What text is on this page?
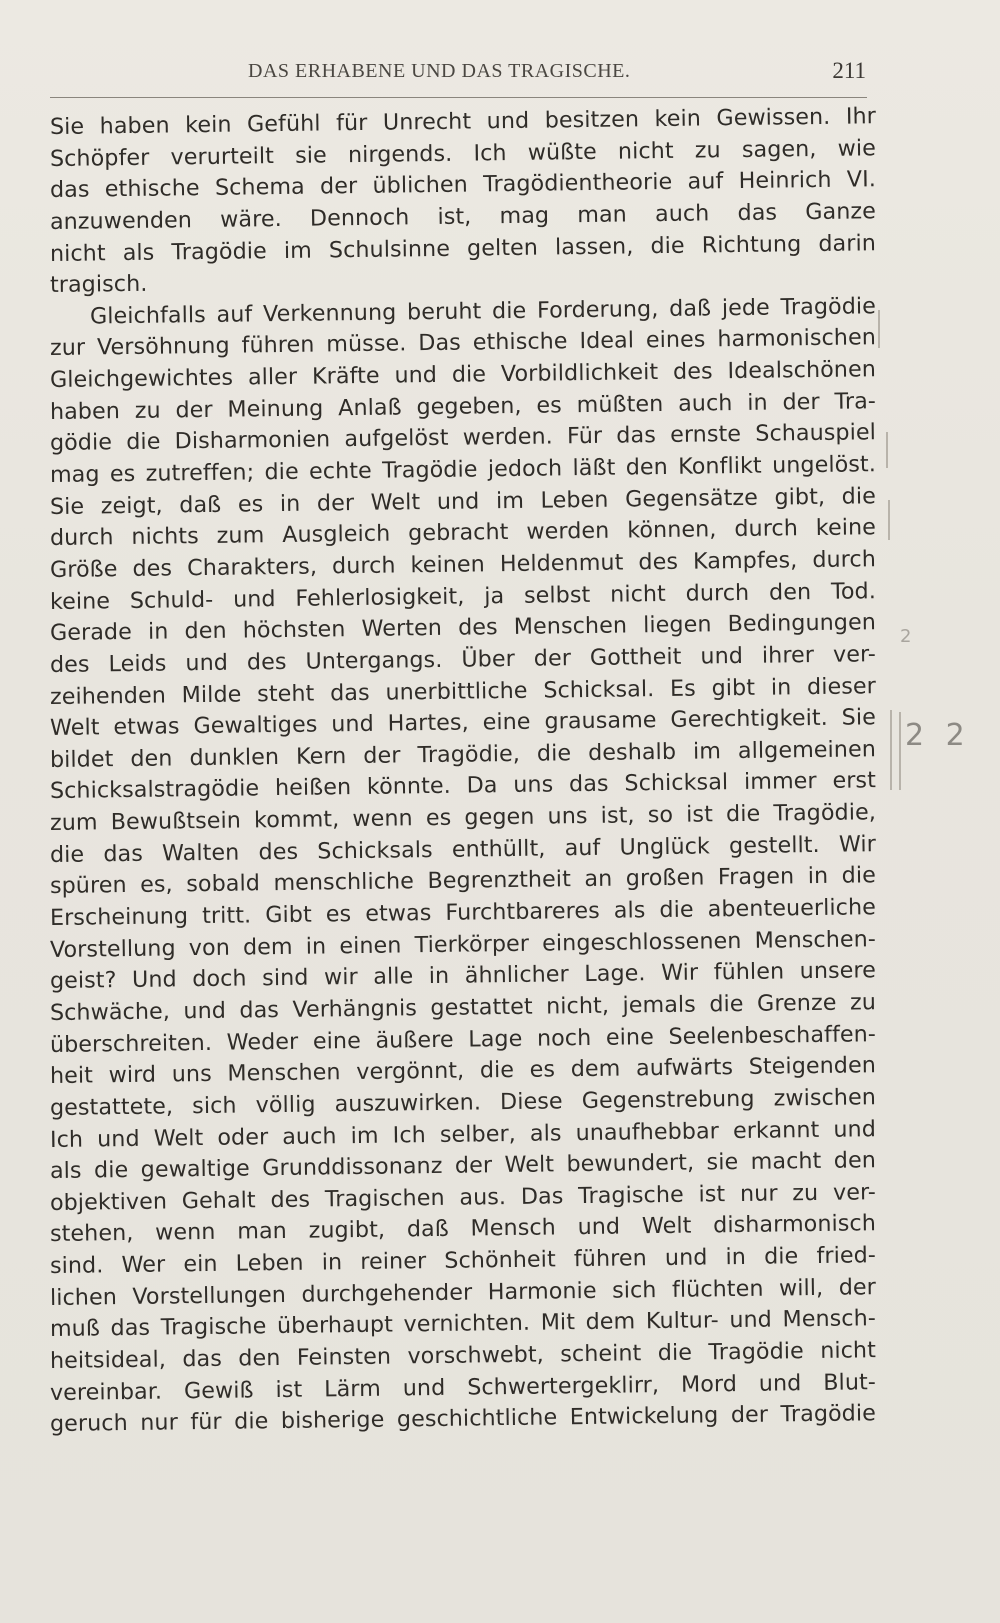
DAS ERHABENE UND DAS TRAGISCHE.	211
Sie haben kein Gefühl für Unrecht und besitzen kein Gewissen. Ihr
Schöpfer verurteilt sie nirgends. Ich wüßte nicht zu sagen, wie
das ethische Schema der üblichen Tragödientheorie auf Heinrich VI.
anzuwenden wäre. Dennoch ist, mag man auch das Ganze
nicht als Tragödie im Schulsinne gelten lassen, die Richtung darin
tragisch.
Gleichfalls auf Verkennung beruht die Forderung, daß jede Tragödie
zur Versöhnung führen müsse. Das ethische Ideal eines harmonischen
Gleichgewichtes aller Kräfte und die Vorbildlichkeit des Idealschönen
haben zu der Meinung Anlaß gegeben, es müßten auch in der Tra-
gödie die Disharmonien aufgelöst werden. Für das ernste Schauspiel
mag es zutreffen; die echte Tragödie jedoch läßt den Konflikt ungelöst.
Sie zeigt, daß es in der Welt und im Leben Gegensätze gibt, die
durch nichts zum Ausgleich gebracht werden können, durch keine
Größe des Charakters, durch keinen Heldenmut des Kampfes, durch
keine Schuld- und Fehlerlosigkeit, ja selbst nicht durch den Tod.
Gerade in den höchsten Werten des Menschen liegen Bedingungen
des Leids und des Untergangs. Über der Gottheit und ihrer ver-
zeihenden Milde steht das unerbittliche Schicksal. Es gibt in dieser
Welt etwas Gewaltiges und Hartes, eine grausame Gerechtigkeit. Sie
bildet den dunklen Kern der Tragödie, die deshalb im allgemeinen
Schicksalstragödie heißen könnte. Da uns das Schicksal immer erst
zum Bewußtsein kommt, wenn es gegen uns ist, so ist die Tragödie,
die das Walten des Schicksals enthüllt, auf Unglück gestellt. Wir
spüren es, sobald menschliche Begrenztheit an großen Fragen in die
Erscheinung tritt. Gibt es etwas Furchtbareres als die abenteuerliche
Vorstellung von dem in einen Tierkörper eingeschlossenen Menschen-
geist? Und doch sind wir alle in ähnlicher Lage. Wir fühlen unsere
Schwäche, und das Verhängnis gestattet nicht, jemals die Grenze zu
überschreiten. Weder eine äußere Lage noch eine Seelenbeschaffen-
heit wird uns Menschen vergönnt, die es dem aufwärts Steigenden
gestattete, sich völlig auszuwirken. Diese Gegenstrebung zwischen
Ich und Welt oder auch im Ich selber, als unaufhebbar erkannt und
als die gewaltige Grunddissonanz der Welt bewundert, sie macht den
objektiven Gehalt des Tragischen aus. Das Tragische ist nur zu ver-
stehen, wenn man zugibt, daß Mensch und Welt disharmonisch
sind. Wer ein Leben in reiner Schönheit führen und in die fried-
lichen Vorstellungen durchgehender Harmonie sich flüchten will, der
muß das Tragische überhaupt vernichten. Mit dem Kultur- und Mensch-
heitsideal, das den Feinsten vorschwebt, scheint die Tragödie nicht
vereinbar. Gewiß ist Lärm und Schwertergeklirr, Mord und Blut-
geruch nur für die bisherige geschichtliche Entwickelung der Tragödie
2
2 2
